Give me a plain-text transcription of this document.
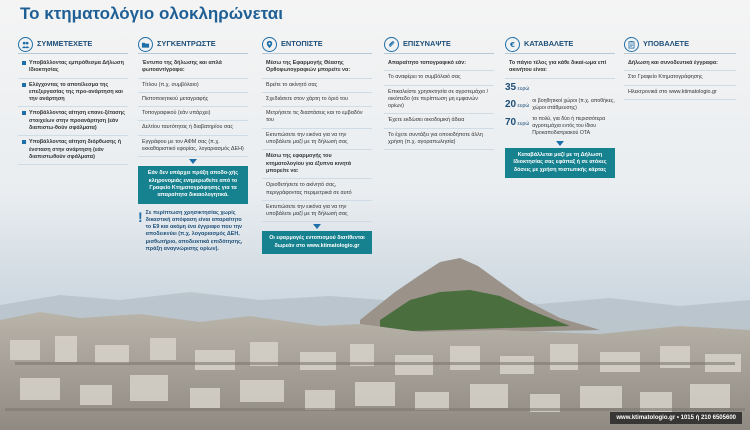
Το κτηματολόγιο ολοκληρώνεται
ΣΥΜΜΕΤΕΧΕΤΕ
Υποβάλλοντας εμπρόθεσμα Δήλωση Ιδιοκτησίας
Ελέγχοντας το αποτέλεσμα της επεξεργασίας της προ-ανάρτηση και την ανάρτηση
Υποβάλλοντας αίτηση επανε-ξέτασης στοιχείων στην προανάρτηση (εάν διαπιστω-θούν σφάλματα)
Υποβάλλοντας αίτηση διόρθωσης ή ένσταση στην ανάρτηση (εάν διαπιστωθούν σφάλματα)
ΣΥΓΚΕΝΤΡΩΣΤΕ
Έντυπο της δήλωσης και απλά φωτοαντίγραφα:
Τίτλου (π.χ. συμβόλαιο)
Πιστοποιητικού μεταγραφής
Τοπογραφικού (εάν υπάρχει)
Δελτίου ταυτότητας ή διαβατηρίου σας
Εγγράφου με τον ΑΦΜ σας (π.χ. εκκαθαριστικό εφορίας, λογαριασμός ΔΕΗ)
Εάν δεν υπάρχει πράξη αποδο-χής κληρονομιάς ενημερωθείτε από το Γραφείο Κτηματογράφησης για τα απαραίτητα δικαιολογητικά.
! Σε περίπτωση χρησικτησίας χωρίς δικαστική απόφαση είναι απαραίτητο το Ε9 και ακόμη ένα έγγραφο που την αποδεικνύει (π.χ. λογαριασμός ΔΕΗ, μισθωτήριο, αποδεικτικά επιδότησης, πράξη αναγνώρισης ορίων).
ΕΝΤΟΠΙΣΤΕ
Μέσω της Εφαρμογής Θέασης Ορθοφωτογραφιών μπορείτε να:
Βρείτε το ακίνητό σας
Σχεδιάσετε στον χάρτη το όριό του
Μετρήσετε τις διαστάσεις και το εμβαδόν του
Εκτυπώσετε την εικόνα για να την υποβάλετε μαζί με τη δήλωσή σας
Μέσω της εφαρμογής του κτηματολογίου για έξυπνα κινητά μπορείτε να:
Οριοθετήσετε το ακίνητό σας, περιγράφοντας περιμετρικά σε αυτό
Εκτυπώσετε την εικόνα για να την υποβάλετε μαζί με τη δήλωσή σας
Οι εφαρμογές εντοπισμού διατίθενται δωρεάν στο www.ktimatologio.gr
ΕΠΙΣΥΝΑΨΤΕ
Απαραίτητο τοπογραφικό εάν:
Το αναφέρει το συμβόλαιό σας
Επικαλείστε χρησικτησία σε αγροτεμάχιο / οικόπεδο (σε περίπτωση μη εμφανών ορίων)
Έχετε εκδώσει οικοδομική άδεια
Το έχετε συντάξει για οποιοδήποτε άλλη χρήση (π.χ. αγοραπωλησία)
€ ΚΑΤΑΒΑΛΕΤΕ
Το πάγιο τέλος για κάθε δικαί-ωμα επί ακινήτου είναι:
35 ευρώ
20 ευρώ
οι βοηθητικοί χώροι (π.χ. αποθήκες, χώροι στάθμευσης)
70 ευρώ
το πολύ, για δύο ή περισσότερα αγροτεμάχια εντός του ίδιου Προκαποδιστριακού ΟΤΑ
Καταβάλλεται μαζί με τη Δήλωση Ιδιοκτησίας σας εφάπαξ ή σε ατόκες δόσεις με χρήση πιστωτικής κάρτας
ΥΠΟΒΑΛΕΤΕ
Δήλωση και συνοδευτικά έγγραφα:
Στο Γραφείο Κτηματογράφησης
Ηλεκτρονικά στο www.ktimatologio.gr
www.ktimatologio.gr • 1015 ή 210 6505600
